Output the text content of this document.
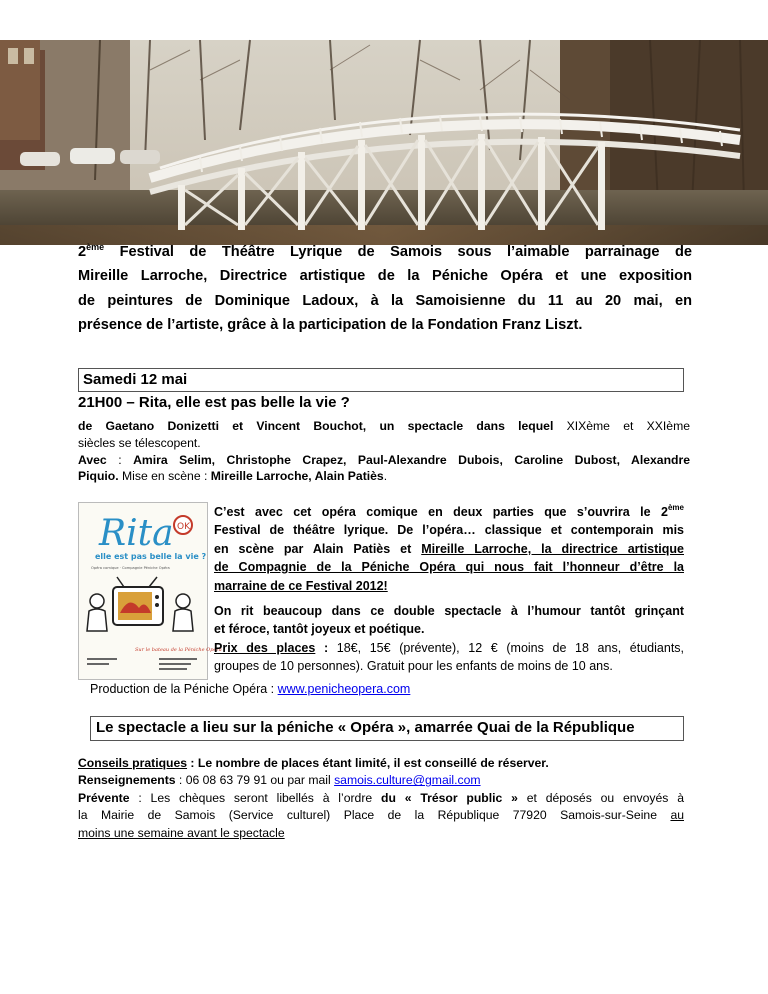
2ème Festival de Théâtre Lyrique de Samois sous l’aimable parrainage de
Mireille Larroche, Directrice artistique de la Péniche Opéra et une exposition
de peintures de Dominique Ladoux, à la Samoisienne du 11 au 20 mai, en
présence de l’artiste, grâce à la participation de la Fondation Franz Liszt.
Samedi 12 mai
21H00 – Rita, elle est pas belle la vie ?
de Gaetano Donizetti et Vincent Bouchot, un spectacle dans lequel XIXème et XXIème
siècles se télescopent.
Avec : Amira Selim, Christophe Crapez, Paul-Alexandre Dubois, Caroline Dubost, Alexandre
Piquio. Mise en scène : Mireille Larroche, Alain Patiès.
Rita OK
elle est pas belle la vie ?
Opéra comique · Compagnie Péniche Opéra
Sur le bateau de la Péniche Opéra
C’est avec cet opéra comique en deux parties que s’ouvrira le 2ème
Festival de théâtre lyrique. De l’opéra… classique et contemporain mis
en scène par Alain Patiès et Mireille Larroche, la directrice artistique
de Compagnie de la Péniche Opéra qui nous fait l’honneur d’être la
marraine de ce Festival 2012!
On rit beaucoup dans ce double spectacle à l’humour tantôt grinçant
et féroce, tantôt joyeux et poétique.
Prix des places : 18€, 15€ (prévente), 12 € (moins de 18 ans, étudiants,
groupes de 10 personnes). Gratuit pour les enfants de moins de 10 ans.
Production de la Péniche Opéra : www.penicheopera.com
Le spectacle a lieu sur la péniche « Opéra », amarrée Quai de la République
Conseils pratiques : Le nombre de places étant limité, il est conseillé de réserver.
Renseignements : 06 08 63 79 91 ou par mail samois.culture@gmail.com
Prévente : Les chèques seront libellés à l’ordre du « Trésor public » et déposés ou envoyés à
la Mairie de Samois (Service culturel) Place de la République 77920 Samois-sur-Seine au
moins une semaine avant le spectacle
